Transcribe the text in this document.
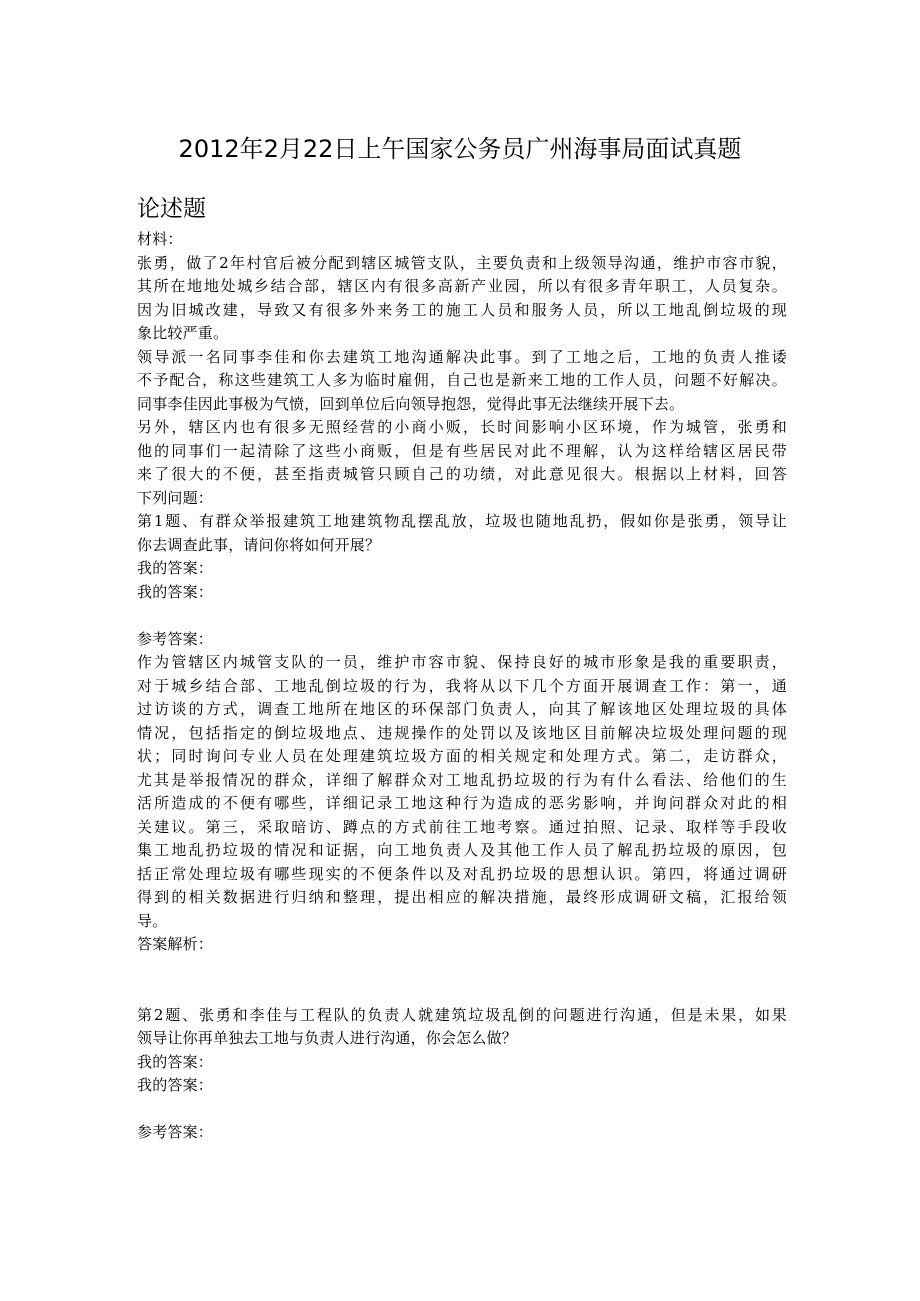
2012年2月22日上午国家公务员广州海事局面试真题
论述题
材料：
张勇，做了2年村官后被分配到辖区城管支队，主要负责和上级领导沟通，维护市容市貌，
其所在地地处城乡结合部，辖区内有很多高新产业园，所以有很多青年职工，人员复杂。
因为旧城改建，导致又有很多外来务工的施工人员和服务人员，所以工地乱倒垃圾的现
象比较严重。
领导派一名同事李佳和你去建筑工地沟通解决此事。到了工地之后，工地的负责人推诿
不予配合，称这些建筑工人多为临时雇佣，自己也是新来工地的工作人员，问题不好解决。
同事李佳因此事极为气愤，回到单位后向领导抱怨，觉得此事无法继续开展下去。
另外，辖区内也有很多无照经营的小商小贩，长时间影响小区环境，作为城管，张勇和
他的同事们一起清除了这些小商贩，但是有些居民对此不理解，认为这样给辖区居民带
来了很大的不便，甚至指责城管只顾自己的功绩，对此意见很大。根据以上材料，回答
下列问题：
第1题、有群众举报建筑工地建筑物乱摆乱放，垃圾也随地乱扔，假如你是张勇，领导让
你去调查此事，请问你将如何开展？
我的答案：
我的答案：
参考答案：
作为管辖区内城管支队的一员，维护市容市貌、保持良好的城市形象是我的重要职责，
对于城乡结合部、工地乱倒垃圾的行为，我将从以下几个方面开展调查工作：第一，通
过访谈的方式，调查工地所在地区的环保部门负责人，向其了解该地区处理垃圾的具体
情况，包括指定的倒垃圾地点、违规操作的处罚以及该地区目前解决垃圾处理问题的现
状；同时询问专业人员在处理建筑垃圾方面的相关规定和处理方式。第二，走访群众，
尤其是举报情况的群众，详细了解群众对工地乱扔垃圾的行为有什么看法、给他们的生
活所造成的不便有哪些，详细记录工地这种行为造成的恶劣影响，并询问群众对此的相
关建议。第三，采取暗访、蹲点的方式前往工地考察。通过拍照、记录、取样等手段收
集工地乱扔垃圾的情况和证据，向工地负责人及其他工作人员了解乱扔垃圾的原因，包
括正常处理垃圾有哪些现实的不便条件以及对乱扔垃圾的思想认识。第四，将通过调研
得到的相关数据进行归纳和整理，提出相应的解决措施，最终形成调研文稿，汇报给领
导。
答案解析：
第2题、张勇和李佳与工程队的负责人就建筑垃圾乱倒的问题进行沟通，但是未果，如果
领导让你再单独去工地与负责人进行沟通，你会怎么做？
我的答案：
我的答案：
参考答案：
